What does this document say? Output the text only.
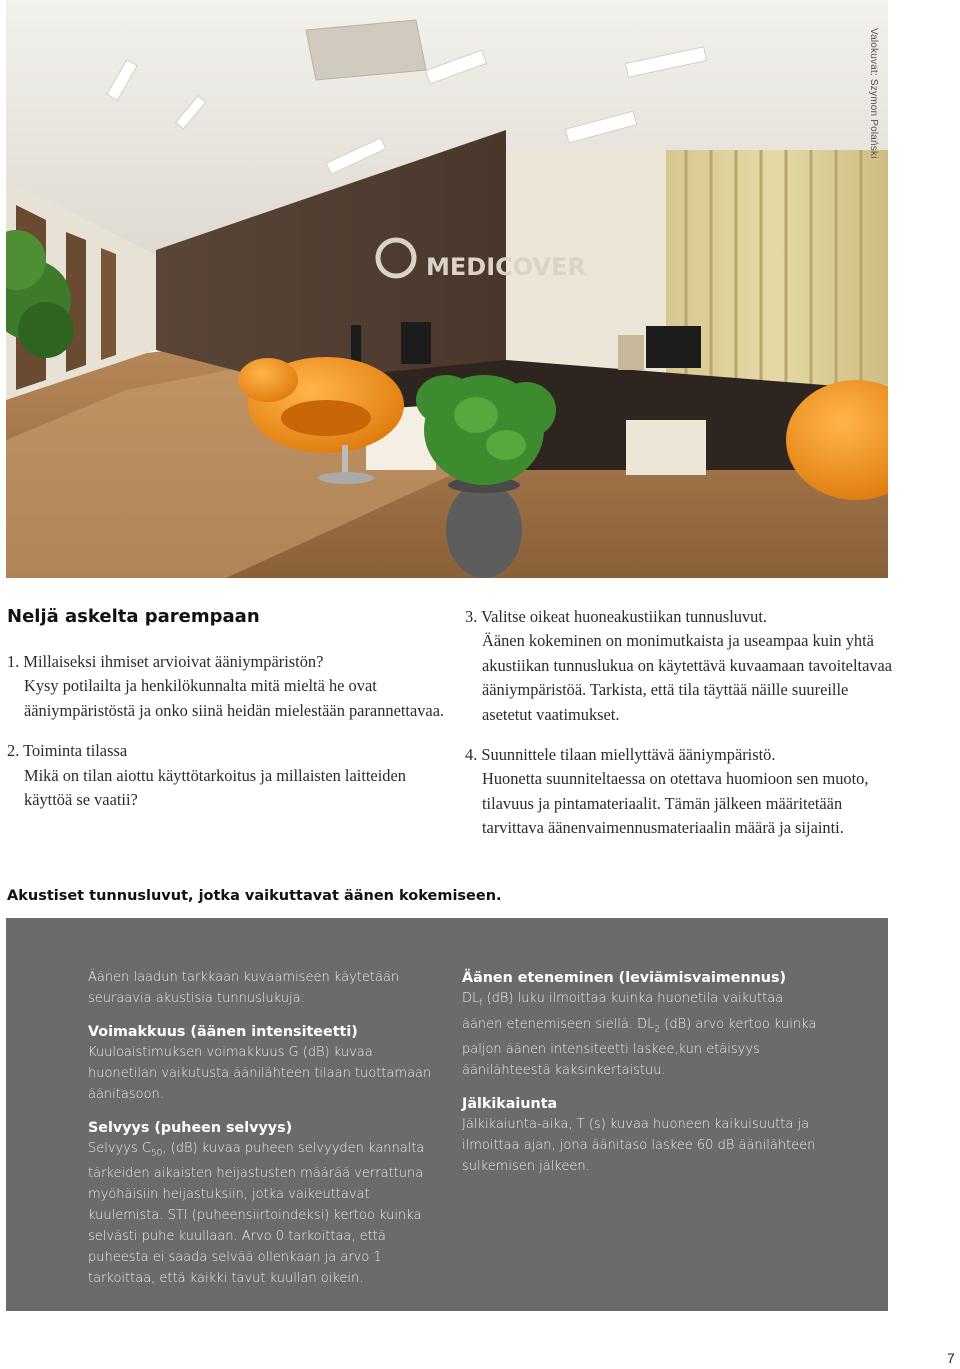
MEDICOVER
Valokuvat: Szymon Polański
Neljä askelta parempaan
1. Millaiseksi ihmiset arvioivat ääniympäristön?
Kysy potilailta ja henkilökunnalta mitä mieltä he ovat ääniympäristöstä ja onko siinä heidän mielestään parannettavaa.
2. Toiminta tilassa
Mikä on tilan aiottu käyttötarkoitus ja millaisten laitteiden käyttöä se vaatii?
3. Valitse oikeat huoneakustiikan tunnusluvut.
Äänen kokeminen on monimutkaista ja useampaa kuin yhtä akustiikan tunnuslukua on käytettävä kuvaamaan tavoiteltavaa ääniympäristöä. Tarkista, että tila täyttää näille suureille asetetut vaatimukset.
4. Suunnittele tilaan miellyttävä ääniympäristö.
Huonetta suunniteltaessa on otettava huomioon sen muoto, tilavuus ja pintamateriaalit. Tämän jälkeen määritetään tarvittava äänenvaimennusmateriaalin määrä ja sijainti.
Akustiset tunnusluvut, jotka vaikuttavat äänen kokemiseen.

Äänen laadun tarkkaan kuvaamiseen käytetään seuraavia akustisia tunnuslukuja:

Voimakkuus (äänen intensiteetti)

Kuuloaistimuksen voimakkuus G (dB) kuvaa huonetilan vaikutusta äänilähteen tilaan tuottamaan äänitasoon.

Selvyys (puheen selvyys)

Selvyys $C_{50}$, (dB) kuvaa puheen selvyyden kannalta tärkeiden aikaisten heijastusten määrää verrattuna myöhäisiin heijastuksiin, jotka vaikeuttavat kuulemista. STI (puheensiirtoindeksi) kertoo kuinka selvästi puhe kuullaan. Arvo 0 tarkoittaa, että puheesta ei saada selvää ollenkaan ja arvo 1 tarkoittaa, että kaikki tavut kuullan oikein.

Äänen eteneminen (leviämisvaimennus)

$DL_f$ (dB) luku ilmoittaa kuinka huonetila vaikuttaa äänen etenemiseen siellä. $DL_2$ (dB) arvo kertoo kuinka paljon äänen intensiteetti laskee,kun etäisyys äänilähteestä kaksinkertaistuu.

Jälkikaiunta

Jälkikaiunta-aika, T (s) kuvaa huoneen kaikuisuutta ja ilmoittaa ajan, jona äänitaso laskee 60 dB äänilähteen sulkemisen jälkeen.

7
